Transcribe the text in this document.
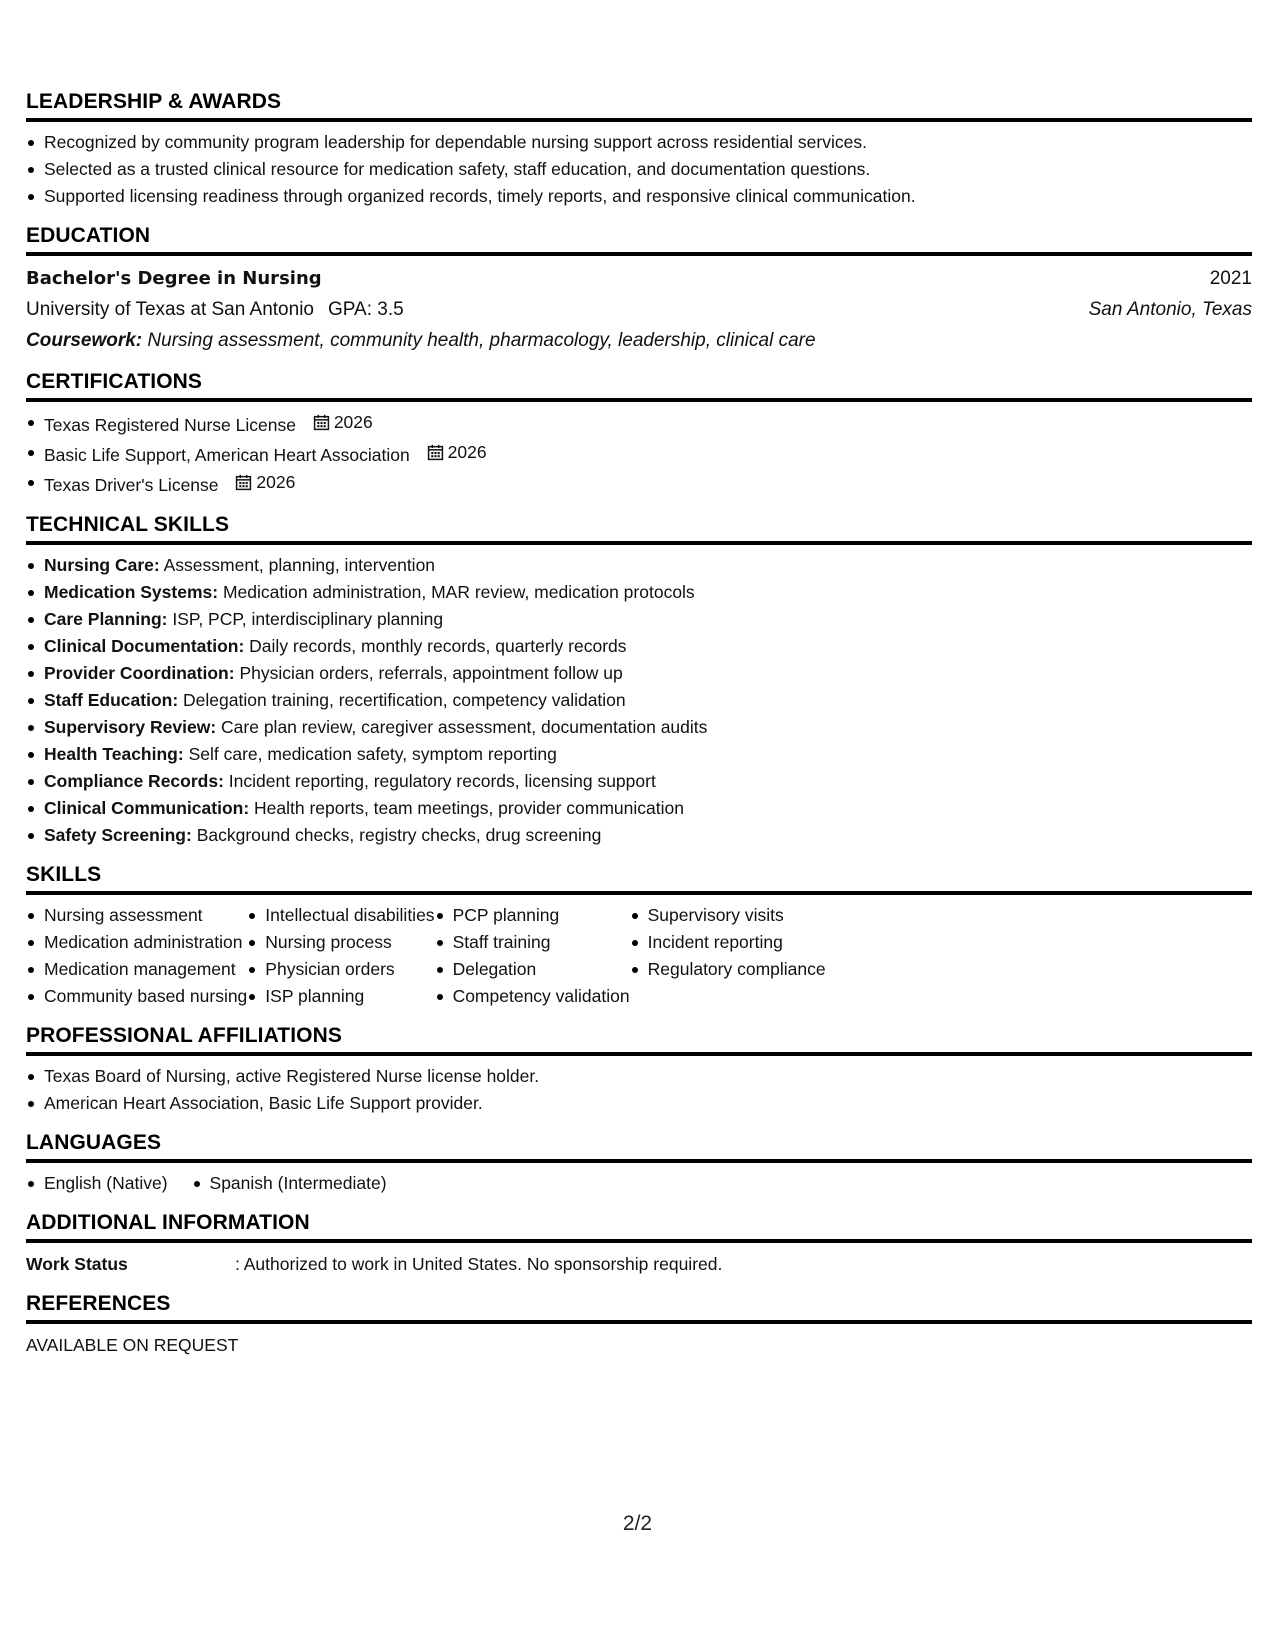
LEADERSHIP & AWARDS
Recognized by community program leadership for dependable nursing support across residential services.
Selected as a trusted clinical resource for medication safety, staff education, and documentation questions.
Supported licensing readiness through organized records, timely reports, and responsive clinical communication.
EDUCATION
Bachelor's Degree in Nursing	2021
University of Texas at San Antonio GPA: 3.5	San Antonio, Texas
Coursework: Nursing assessment, community health, pharmacology, leadership, clinical care
CERTIFICATIONS
Texas Registered Nurse License 2026
Basic Life Support, American Heart Association 2026
Texas Driver's License 2026
TECHNICAL SKILLS
Nursing Care: Assessment, planning, intervention
Medication Systems: Medication administration, MAR review, medication protocols
Care Planning: ISP, PCP, interdisciplinary planning
Clinical Documentation: Daily records, monthly records, quarterly records
Provider Coordination: Physician orders, referrals, appointment follow up
Staff Education: Delegation training, recertification, competency validation
Supervisory Review: Care plan review, caregiver assessment, documentation audits
Health Teaching: Self care, medication safety, symptom reporting
Compliance Records: Incident reporting, regulatory records, licensing support
Clinical Communication: Health reports, team meetings, provider communication
Safety Screening: Background checks, registry checks, drug screening
SKILLS
Nursing assessment
Medication administration
Medication management
Community based nursing
Intellectual disabilities
Nursing process
Physician orders
ISP planning
PCP planning
Staff training
Delegation
Competency validation
Supervisory visits
Incident reporting
Regulatory compliance
PROFESSIONAL AFFILIATIONS
Texas Board of Nursing, active Registered Nurse license holder.
American Heart Association, Basic Life Support provider.
LANGUAGES
English (Native) Spanish (Intermediate)
ADDITIONAL INFORMATION
Work Status	: Authorized to work in United States. No sponsorship required.
REFERENCES
AVAILABLE ON REQUEST
2/2
